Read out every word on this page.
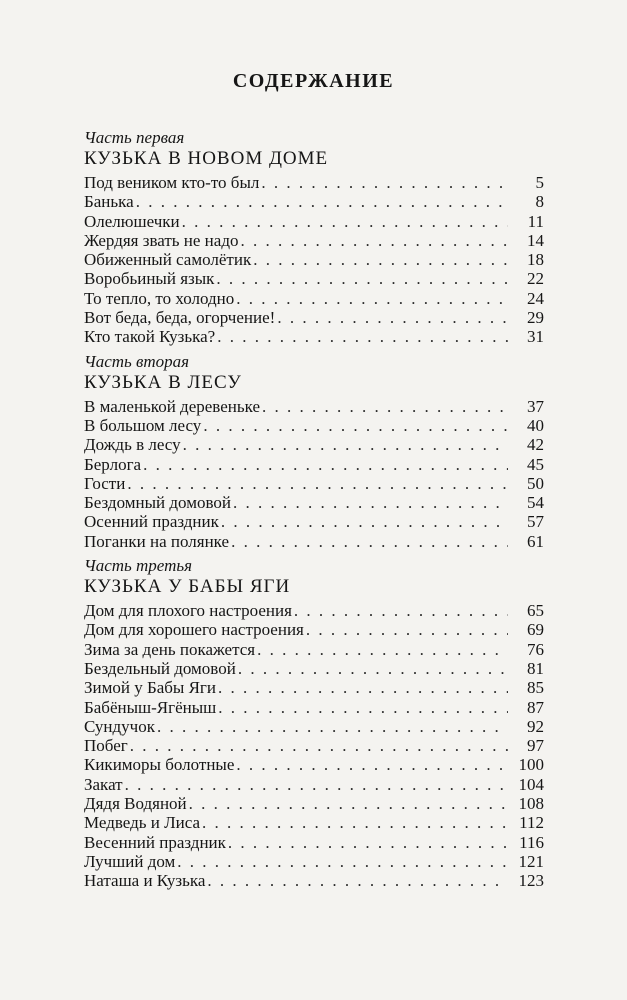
СОДЕРЖАНИЕ
Часть первая
КУЗЬКА В НОВОМ ДОМЕ
Под веником кто-то был . . .	5
Банька . . .	8
Олелюшечки . . .	11
Жердяя звать не надо . . .	14
Обиженный самолётик . . .	18
Воробьиный язык . . .	22
То тепло, то холодно . . .	24
Вот беда, беда, огорчение! . . .	29
Кто такой Кузька? . . .	31
Часть вторая
КУЗЬКА В ЛЕСУ
В маленькой деревеньке . . .	37
В большом лесу . . .	40
Дождь в лесу . . .	42
Берлога . . .	45
Гости . . .	50
Бездомный домовой . . .	54
Осенний праздник . . .	57
Поганки на полянке . . .	61
Часть третья
КУЗЬКА У БАБЫ ЯГИ
Дом для плохого настроения . . .	65
Дом для хорошего настроения . . .	69
Зима за день покажется . . .	76
Бездельный домовой . . .	81
Зимой у Бабы Яги . . .	85
Бабёныш-Ягёныш . . .	87
Сундучок . . .	92
Побег . . .	97
Кикиморы болотные . . .	100
Закат . . .	104
Дядя Водяной . . .	108
Медведь и Лиса . . .	112
Весенний праздник . . .	116
Лучший дом . . .	121
Наташа и Кузька . . .	123
